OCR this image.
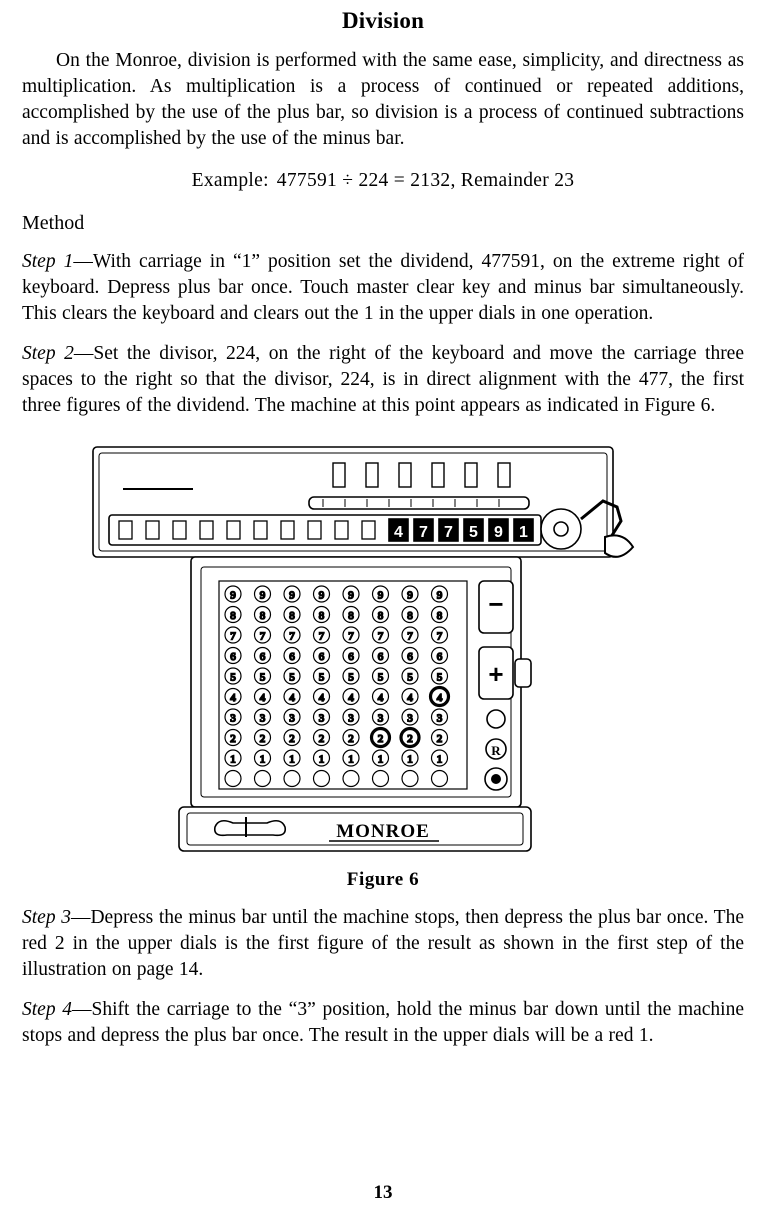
Division

On the Monroe, division is performed with the same ease, simplicity, and directness as multiplication. As multiplication is a process of continued or repeated additions, accomplished by the use of the plus bar, so division is a process of continued subtractions and is accomplished by the use of the minus bar.

Example: 477591 ÷ 224 = 2132, Remainder 23
Method

Step 1—With carriage in “1” position set the dividend, 477591, on the extreme right of keyboard. Depress plus bar once. Touch master clear key and minus bar simultaneously. This clears the keyboard and clears out the 1 in the upper dials in one operation.

Step 2—Set the divisor, 224, on the right of the keyboard and move the carriage three spaces to the right so that the divisor, 224, is in direct alignment with the 477, the first three figures of the dividend. The machine at this point appears as indicated in Figure 6.

9 9 9 9 9 9 9 9
8 8 8 8 8 8 8 8
7 7 7 7 7 7 7 7
6 6 6 6 6 6 6 6
5 5 5 5 5 5 5 5
4 4 4 4 4 4 4 4
3 3 3 3 3 3 3 3
2 2 2 2 2 2 2 2
1 1 1 1 1 1 1 1
4 7 7 5 9 1
MONROE
−
+
R
Figure 6

Step 3—Depress the minus bar until the machine stops, then depress the plus bar once. The red 2 in the upper dials is the first figure of the result as shown in the first step of the illustration on page 14.

Step 4—Shift the carriage to the “3” position, hold the minus bar down until the machine stops and depress the plus bar once. The result in the upper dials will be a red 1.

13
